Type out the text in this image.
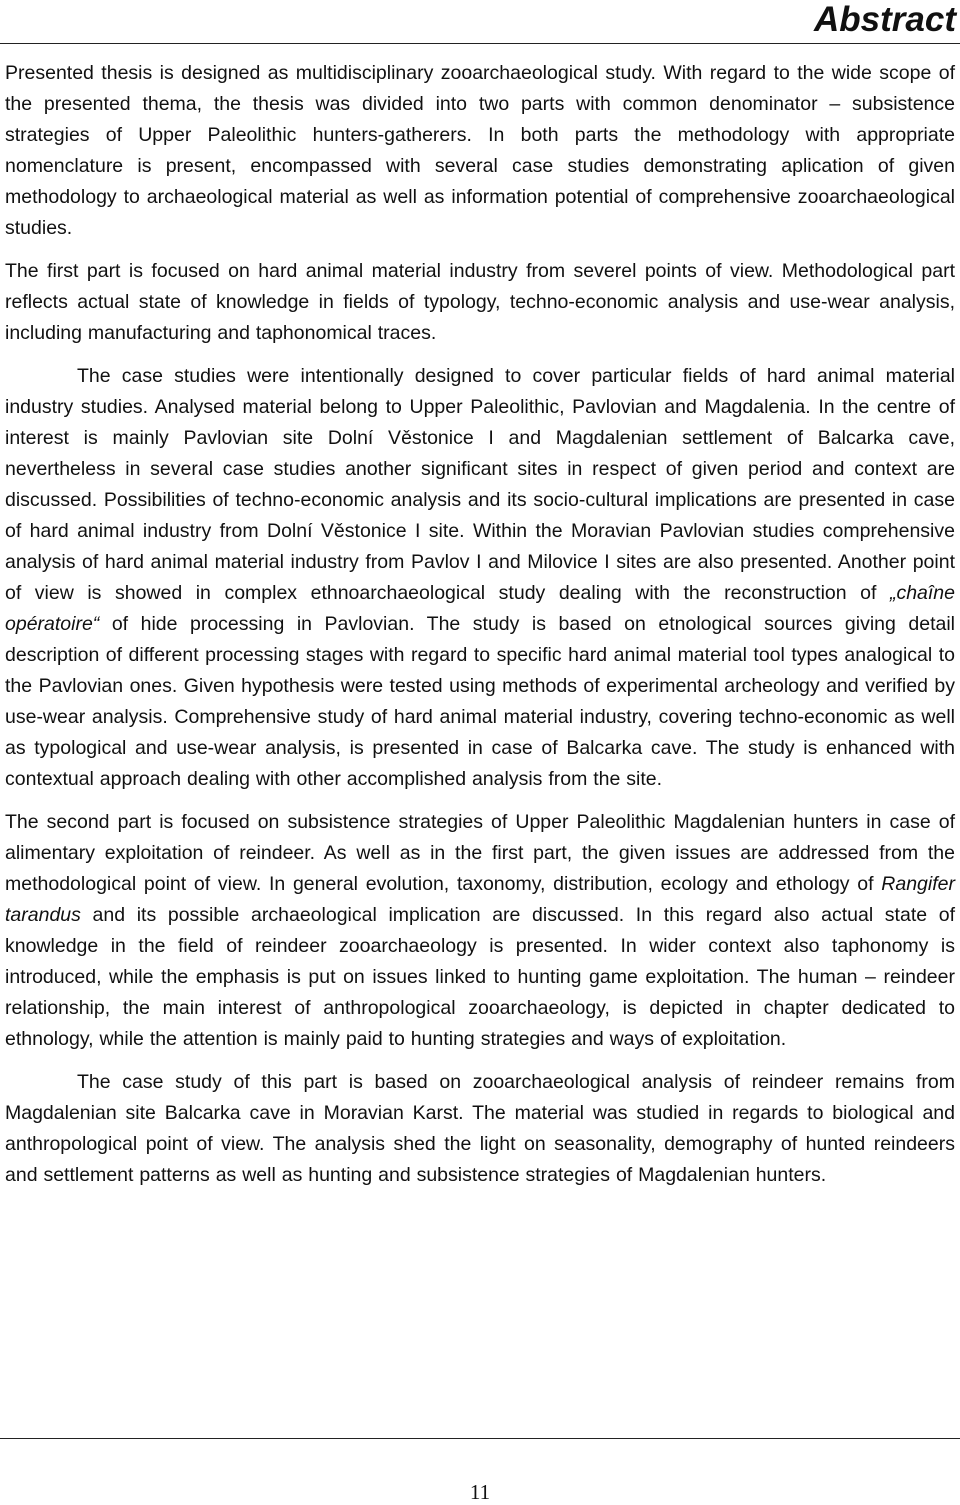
Abstract

Presented thesis is designed as multidisciplinary zooarchaeological study. With regard to the wide scope of the presented thema, the thesis was divided into two parts with common denominator – subsistence strategies of Upper Paleolithic hunters-gatherers. In both parts the methodology with appropriate nomenclature is present, encompassed with several case studies demonstrating aplication of given methodology to archaeological material as well as information potential of comprehensive zooarchaeological studies.

The first part is focused on hard animal material industry from severel points of view. Methodological part reflects actual state of knowledge in fields of typology, techno-economic analysis and use-wear analysis, including manufacturing and taphonomical traces.

The case studies were intentionally designed to cover particular fields of hard animal material industry studies. Analysed material belong to Upper Paleolithic, Pavlovian and Magdalenia. In the centre of interest is mainly Pavlovian site Dolní Věstonice I and Magdalenian settlement of Balcarka cave, nevertheless in several case studies another significant sites in respect of given period and context are discussed. Possibilities of techno-economic analysis and its socio-cultural implications are presented in case of hard animal industry from Dolní Věstonice I site. Within the Moravian Pavlovian studies comprehensive analysis of hard animal material industry from Pavlov I and Milovice I sites are also presented. Another point of view is showed in complex ethnoarchaeological study dealing with the reconstruction of „chaîne opératoire“ of hide processing in Pavlovian. The study is based on etnological sources giving detail description of different processing stages with regard to specific hard animal material tool types analogical to the Pavlovian ones. Given hypothesis were tested using methods of experimental archeology and verified by use-wear analysis. Comprehensive study of hard animal material industry, covering techno-economic as well as typological and use-wear analysis, is presented in case of Balcarka cave. The study is enhanced with contextual approach dealing with other accomplished analysis from the site.

The second part is focused on subsistence strategies of Upper Paleolithic Magdalenian hunters in case of alimentary exploitation of reindeer. As well as in the first part, the given issues are addressed from the methodological point of view. In general evolution, taxonomy, distribution, ecology and ethology of Rangifer tarandus and its possible archaeological implication are discussed. In this regard also actual state of knowledge in the field of reindeer zooarchaeology is presented. In wider context also taphonomy is introduced, while the emphasis is put on issues linked to hunting game exploitation. The human – reindeer relationship, the main interest of anthropological zooarchaeology, is depicted in chapter dedicated to ethnology, while the attention is mainly paid to hunting strategies and ways of exploitation.

The case study of this part is based on zooarchaeological analysis of reindeer remains from Magdalenian site Balcarka cave in Moravian Karst. The material was studied in regards to biological and anthropological point of view. The analysis shed the light on seasonality, demography of hunted reindeers and settlement patterns as well as hunting and subsistence strategies of Magdalenian hunters.

11
